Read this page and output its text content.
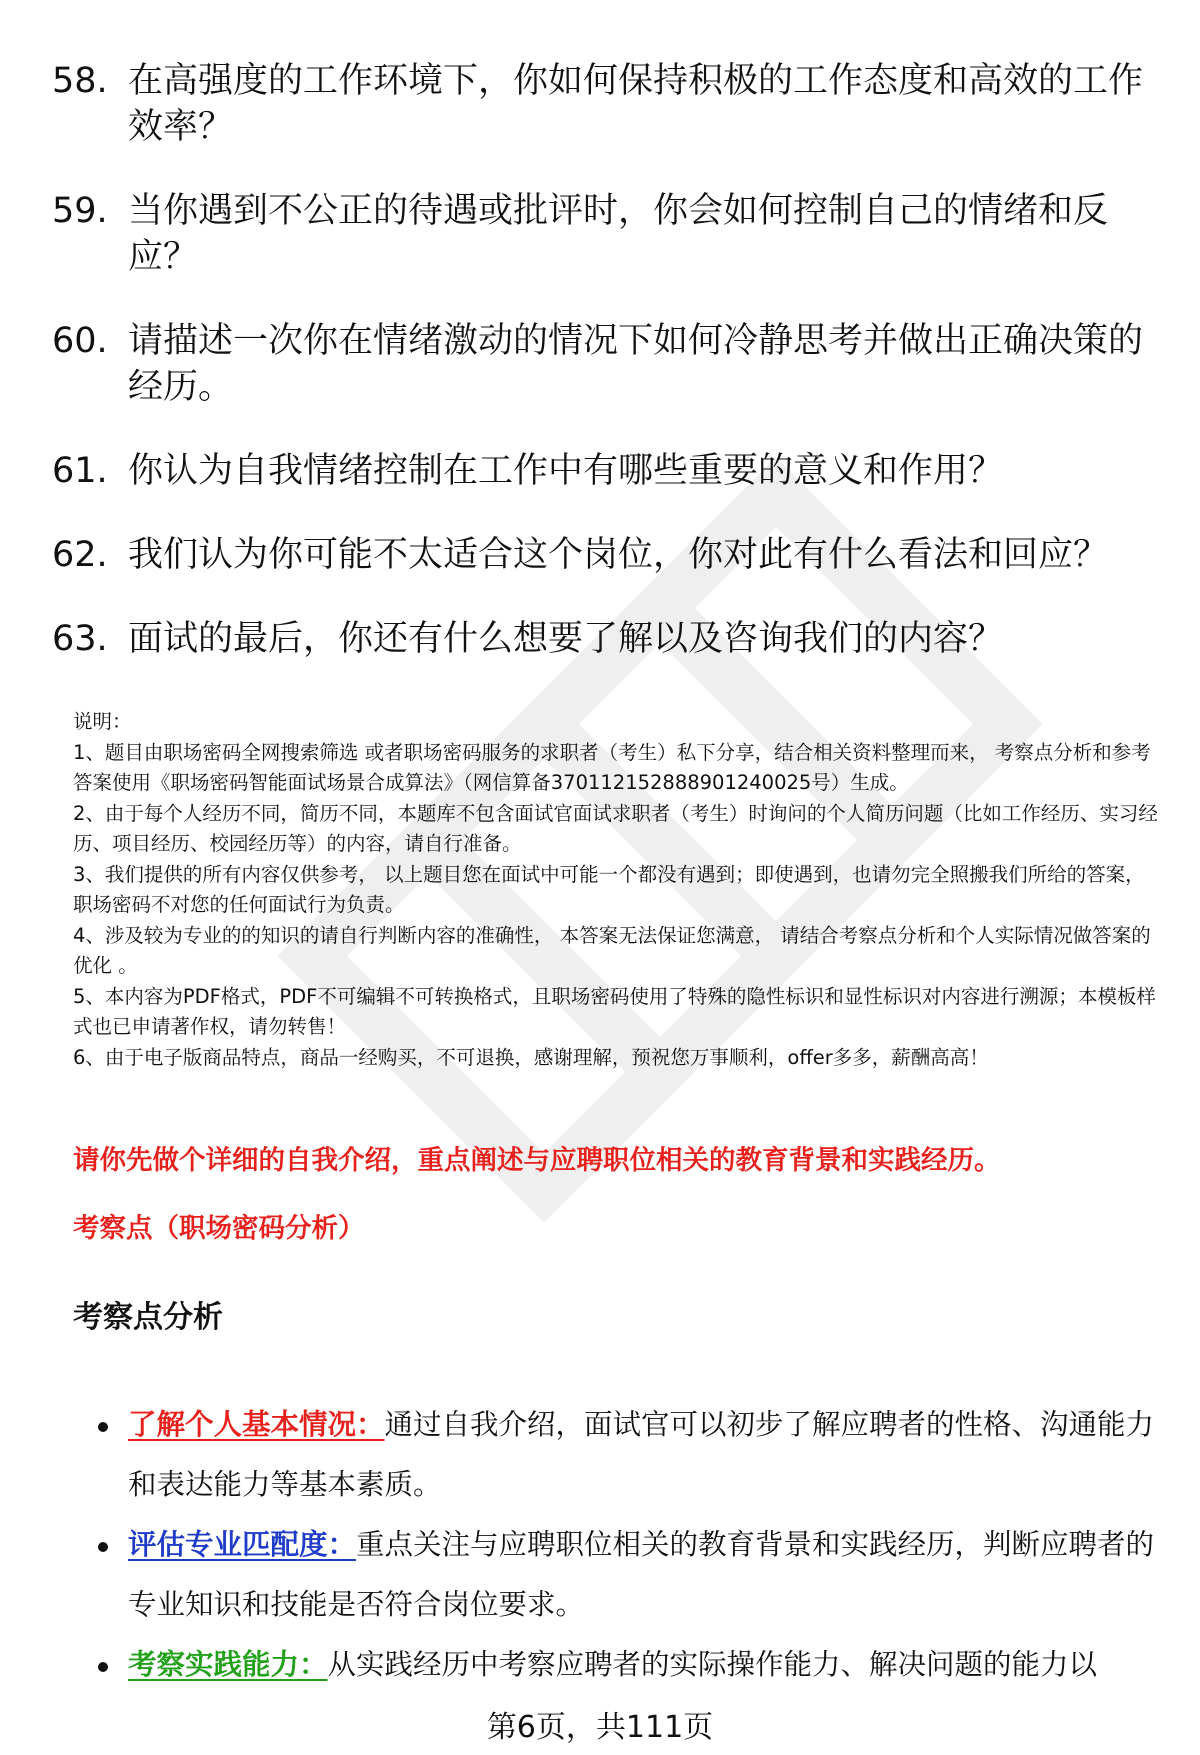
58. 在高强度的工作环境下，你如何保持积极的工作态度和高效的工作效率？
59. 当你遇到不公正的待遇或批评时，你会如何控制自己的情绪和反应？
60. 请描述一次你在情绪激动的情况下如何冷静思考并做出正确决策的经历。
61. 你认为自我情绪控制在工作中有哪些重要的意义和作用？
62. 我们认为你可能不太适合这个岗位，你对此有什么看法和回应？
63. 面试的最后，你还有什么想要了解以及咨询我们的内容？

说明：

1、题目由职场密码全网搜索筛选 或者职场密码服务的求职者（考生）私下分享，结合相关资料整理而来， 考察点分析和参考答案使用《职场密码智能面试场景合成算法》（网信算备370112152888901240025号）生成。

2、由于每个人经历不同，简历不同，本题库不包含面试官面试求职者（考生）时询问的个人简历问题（比如工作经历、实习经历、项目经历、校园经历等）的内容，请自行准备。

3、我们提供的所有内容仅供参考， 以上题目您在面试中可能一个都没有遇到；即使遇到，也请勿完全照搬我们所给的答案，职场密码不对您的任何面试行为负责。

4、涉及较为专业的的知识的请自行判断内容的准确性， 本答案无法保证您满意， 请结合考察点分析和个人实际情况做答案的优化 。

5、本内容为PDF格式，PDF不可编辑不可转换格式，且职场密码使用了特殊的隐性标识和显性标识对内容进行溯源；本模板样式也已申请著作权，请勿转售！

6、由于电子版商品特点，商品一经购买，不可退换，感谢理解，预祝您万事顺利，offer多多，薪酬高高！

请你先做个详细的自我介绍，重点阐述与应聘职位相关的教育背景和实践经历。
考察点（职场密码分析）
考察点分析
了解个人基本情况：通过自我介绍，面试官可以初步了解应聘者的性格、沟通能力和表达能力等基本素质。
评估专业匹配度：重点关注与应聘职位相关的教育背景和实践经历，判断应聘者的专业知识和技能是否符合岗位要求。
考察实践能力：从实践经历中考察应聘者的实际操作能力、解决问题的能力以
第6页，共111页
